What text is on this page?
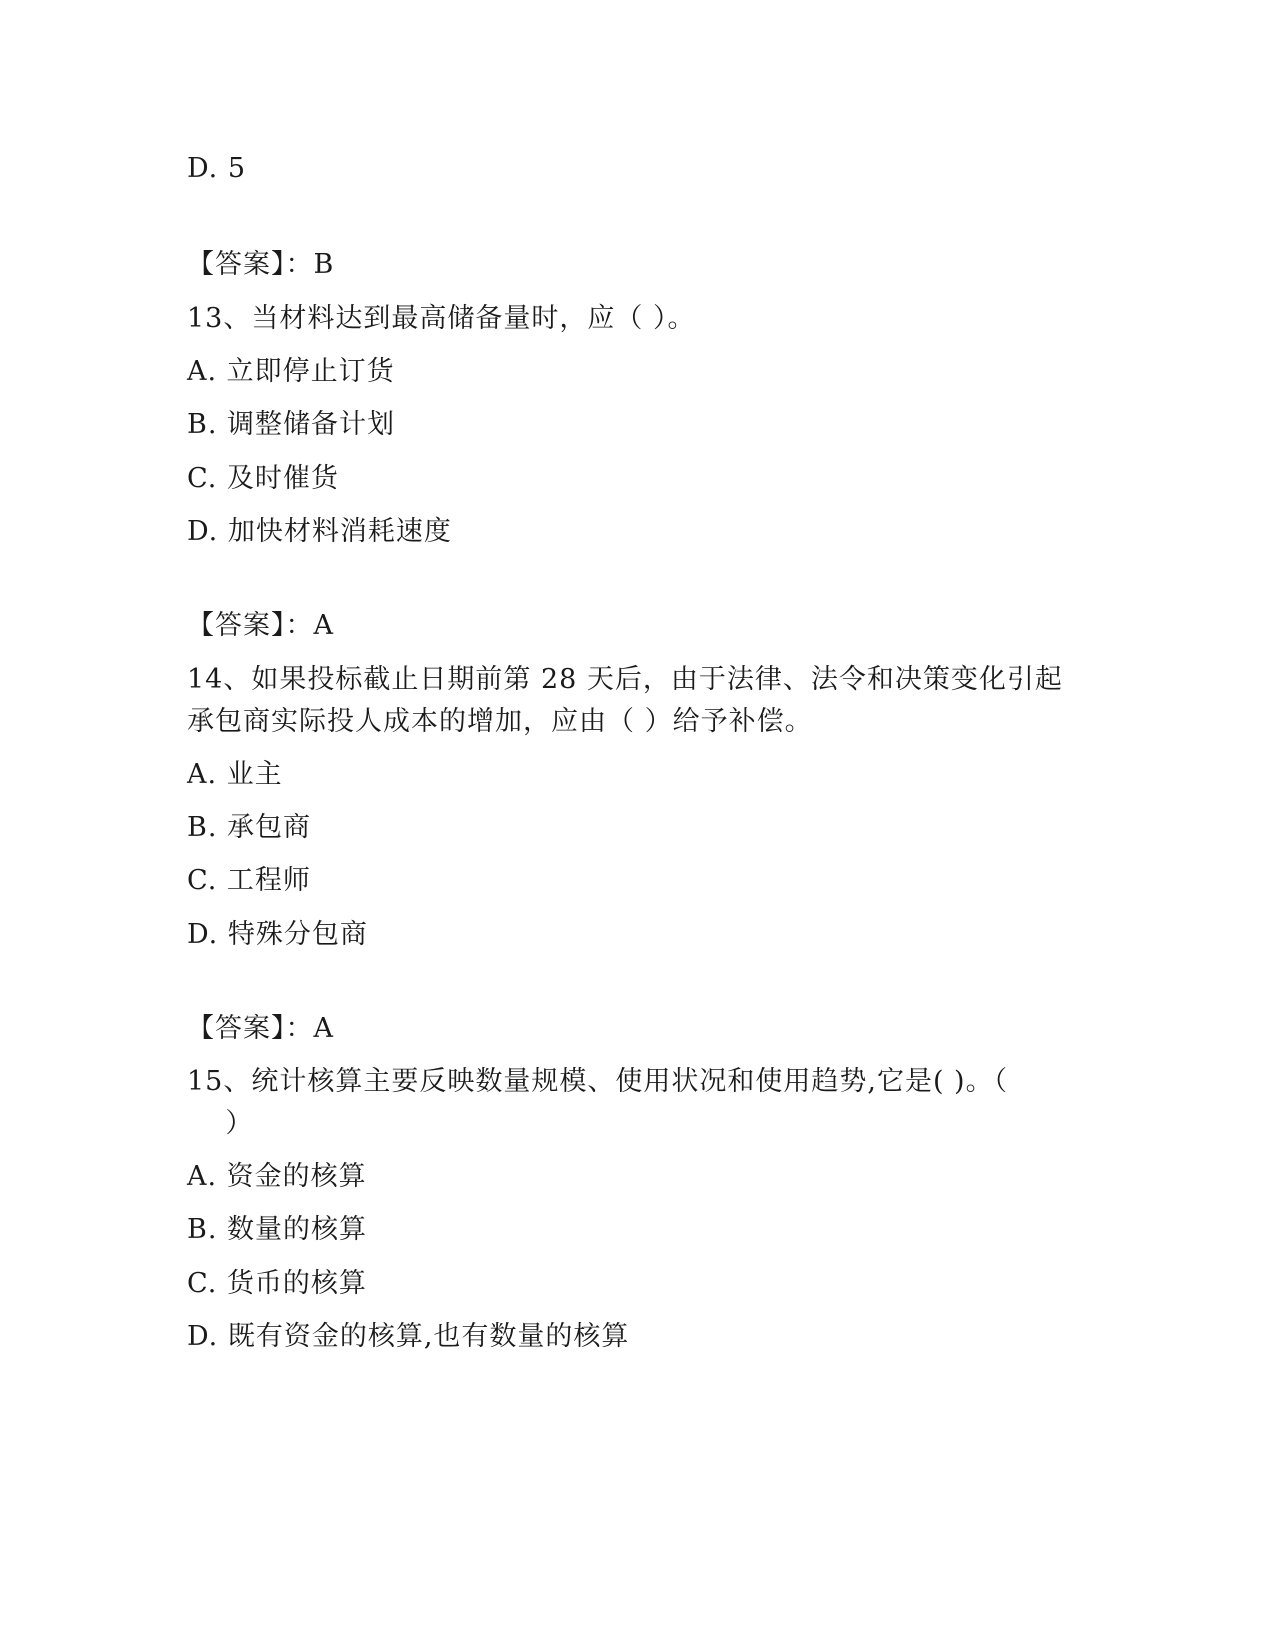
D. 5
【答案】：B
13、当材料达到最高储备量时，应（ ）。
A. 立即停止订货
B. 调整储备计划
C. 及时催货
D. 加快材料消耗速度
【答案】：A
14、如果投标截止日期前第 28 天后，由于法律、法令和决策变化引起
承包商实际投人成本的增加，应由（ ）给予补偿。
A. 业主
B. 承包商
C. 工程师
D. 特殊分包商
【答案】：A
15、统计核算主要反映数量规模、使用状况和使用趋势,它是( )。（
）
A. 资金的核算
B. 数量的核算
C. 货币的核算
D. 既有资金的核算,也有数量的核算
